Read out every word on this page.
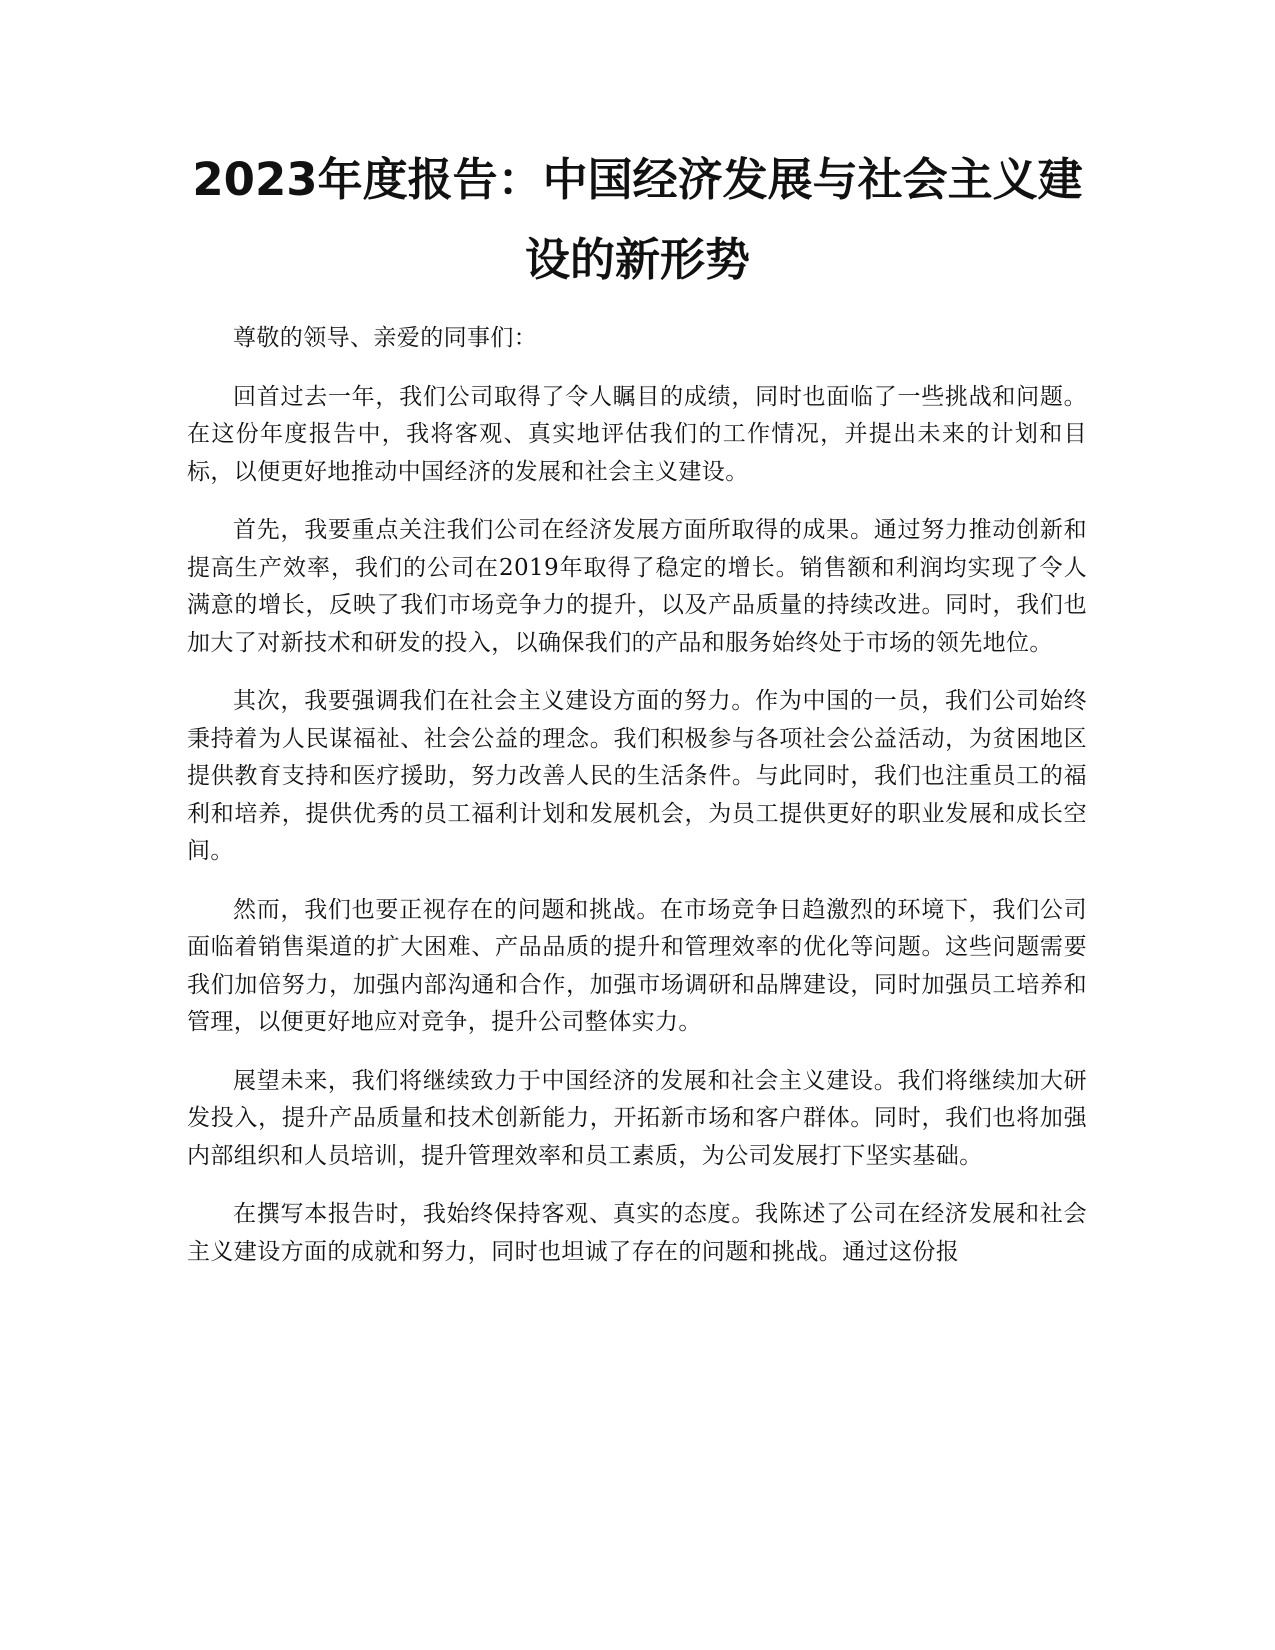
2023年度报告：中国经济发展与社会主义建设的新形势

尊敬的领导、亲爱的同事们：

回首过去一年，我们公司取得了令人瞩目的成绩，同时也面临了一些挑战和问题。在这份年度报告中，我将客观、真实地评估我们的工作情况，并提出未来的计划和目标，以便更好地推动中国经济的发展和社会主义建设。

首先，我要重点关注我们公司在经济发展方面所取得的成果。通过努力推动创新和提高生产效率，我们的公司在2019年取得了稳定的增长。销售额和利润均实现了令人满意的增长，反映了我们市场竞争力的提升，以及产品质量的持续改进。同时，我们也加大了对新技术和研发的投入，以确保我们的产品和服务始终处于市场的领先地位。

其次，我要强调我们在社会主义建设方面的努力。作为中国的一员，我们公司始终秉持着为人民谋福祉、社会公益的理念。我们积极参与各项社会公益活动，为贫困地区提供教育支持和医疗援助，努力改善人民的生活条件。与此同时，我们也注重员工的福利和培养，提供优秀的员工福利计划和发展机会，为员工提供更好的职业发展和成长空间。

然而，我们也要正视存在的问题和挑战。在市场竞争日趋激烈的环境下，我们公司面临着销售渠道的扩大困难、产品品质的提升和管理效率的优化等问题。这些问题需要我们加倍努力，加强内部沟通和合作，加强市场调研和品牌建设，同时加强员工培养和管理，以便更好地应对竞争，提升公司整体实力。

展望未来，我们将继续致力于中国经济的发展和社会主义建设。我们将继续加大研发投入，提升产品质量和技术创新能力，开拓新市场和客户群体。同时，我们也将加强内部组织和人员培训，提升管理效率和员工素质，为公司发展打下坚实基础。

在撰写本报告时，我始终保持客观、真实的态度。我陈述了公司在经济发展和社会主义建设方面的成就和努力，同时也坦诚了存在的问题和挑战。通过这份报
